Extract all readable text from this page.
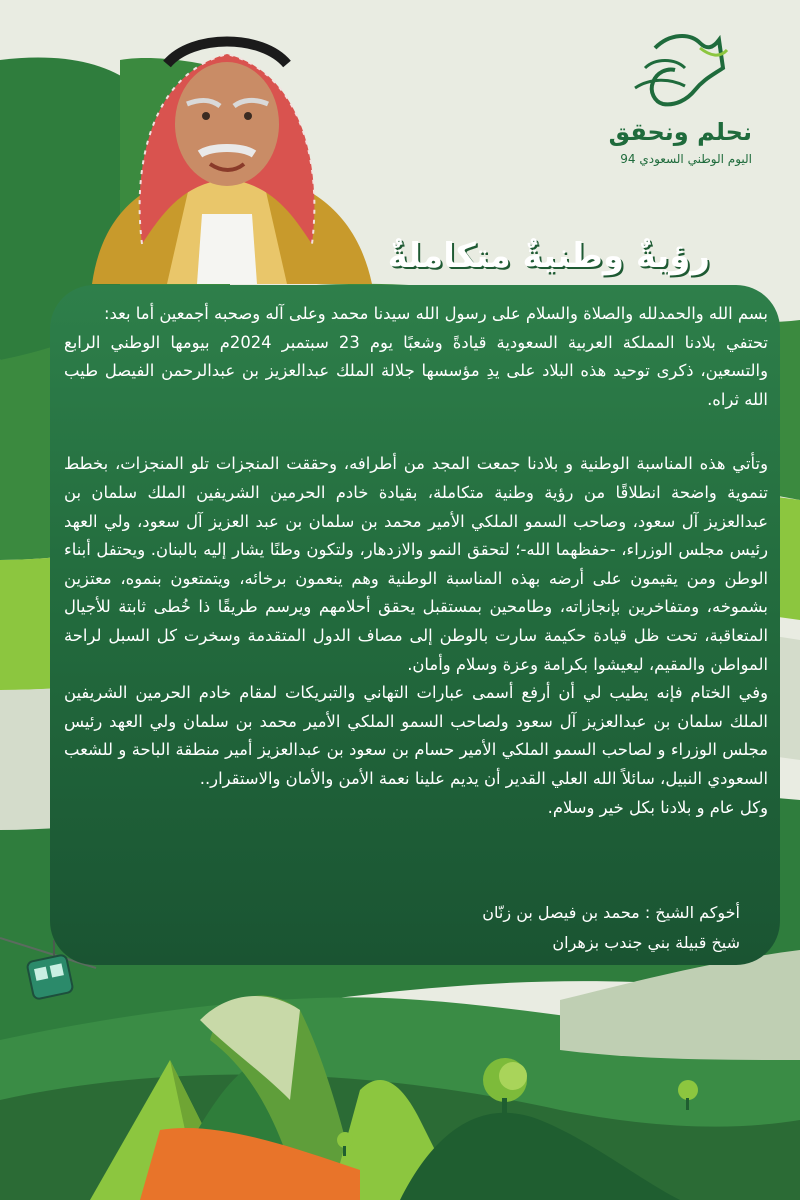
نحلم ونحقق
اليوم الوطني السعودي 94
رؤيةٌ وطنيةٌ متكاملةٌ

بسم الله والحمدلله والصلاة والسلام على رسول الله سيدنا محمد وعلى آله وصحبه أجمعين أما بعد:

تحتفي بلادنا المملكة العربية السعودية قيادةً وشعبًا يوم 23 سبتمبر 2024م بيومها الوطني الرابع والتسعين، ذكرى توحيد هذه البلاد على يدِ مؤسسها جلالة الملك عبدالعزيز بن عبدالرحمن الفيصل طيب الله ثراه.

وتأتي هذه المناسبة الوطنية و بلادنا جمعت المجد من أطرافه، وحققت المنجزات تلو المنجزات، بخطط تنموية واضحة انطلاقًا من رؤية وطنية متكاملة، بقيادة خادم الحرمين الشريفين الملك سلمان بن عبدالعزيز آل سعود، وصاحب السمو الملكي الأمير محمد بن سلمان بن عبد العزيز آل سعود، ولي العهد رئيس مجلس الوزراء، -حفظهما الله-؛ لتحقق النمو والازدهار، ولتكون وطنًا يشار إليه بالبنان. ويحتفل أبناء الوطن ومن يقيمون على أرضه بهذه المناسبة الوطنية وهم ينعمون برخائه، ويتمتعون بنموه، معتزين بشموخه، ومتفاخرين بإنجازاته، وطامحين بمستقبل يحقق أحلامهم ويرسم طريقًا ذا خُطى ثابتة للأجيال المتعاقبة، تحت ظل قيادة حكيمة سارت بالوطن إلى مصاف الدول المتقدمة وسخرت كل السبل لراحة المواطن والمقيم، ليعيشوا بكرامة وعزة وسلام وأمان.

وفي الختام فإنه يطيب لي أن أرفع أسمى عبارات التهاني والتبريكات لمقام خادم الحرمين الشريفين الملك سلمان بن عبدالعزيز آل سعود ولصاحب السمو الملكي الأمير محمد بن سلمان ولي العهد رئيس مجلس الوزراء و لصاحب السمو الملكي الأمير حسام بن سعود بن عبدالعزيز أمير منطقة الباحة و للشعب السعودي النبيل، سائلاً الله العلي القدير أن يديم علينا نعمة الأمن والأمان والاستقرار..

وكل عام و بلادنا بكل خير وسلام.

أخوكم الشيخ : محمد بن فيصل بن زنّان
شيخ قبيلة بني جندب بزهران
